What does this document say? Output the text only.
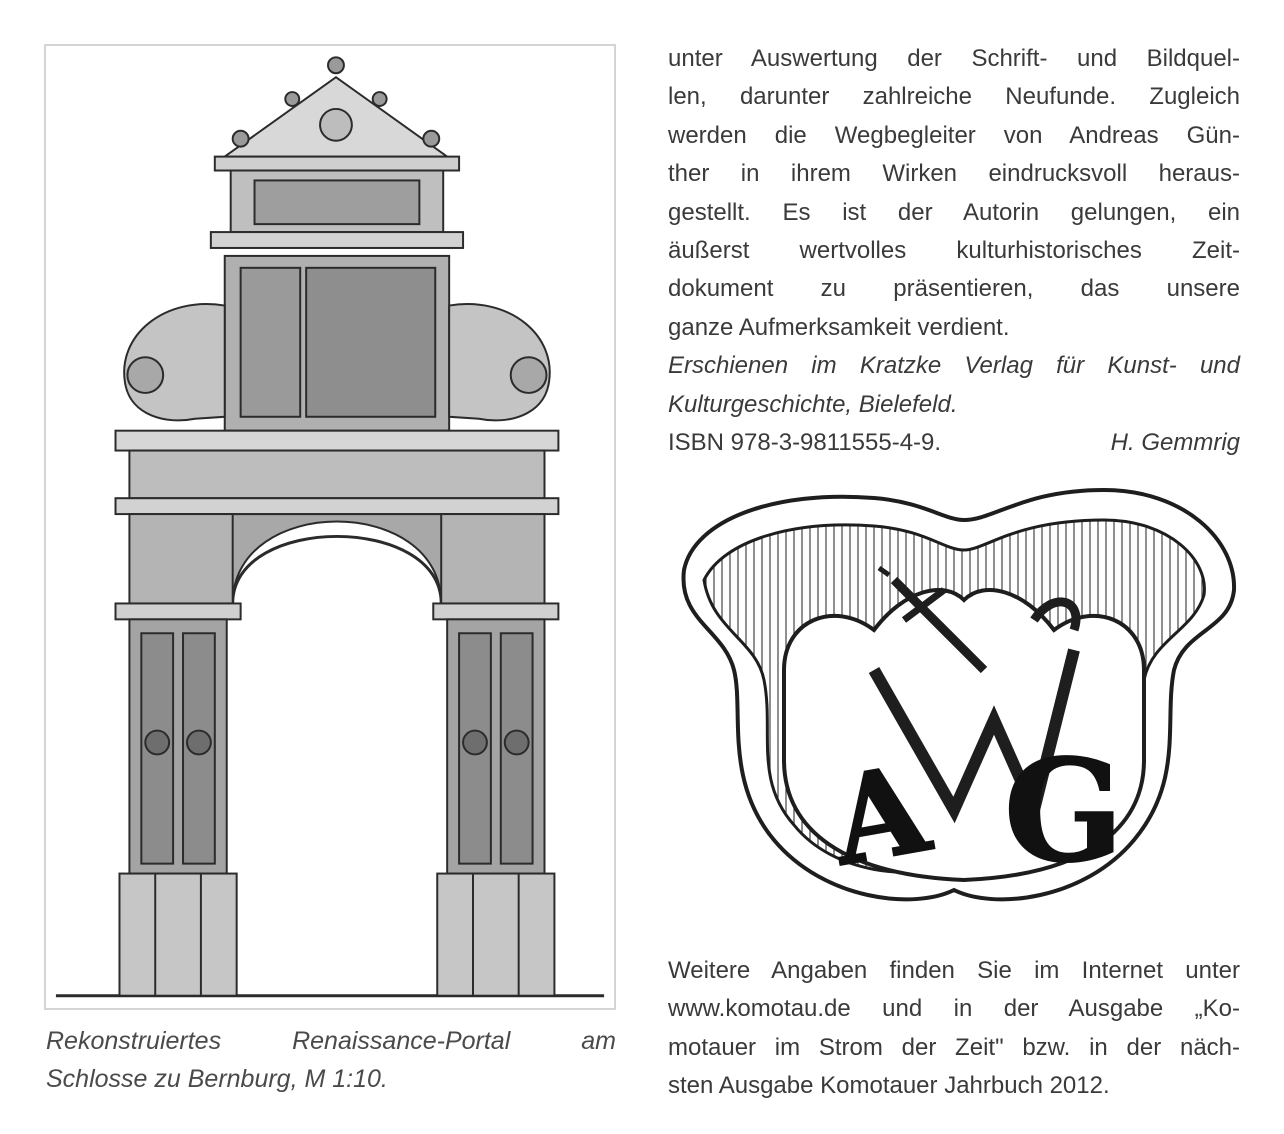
Rekonstruiertes Renaissance-Portal am
Schlosse zu Bernburg, M 1:10.
unter Auswertung der Schrift- und Bildquel-
len, darunter zahlreiche Neufunde. Zugleich
werden die Wegbegleiter von Andreas Gün-
ther in ihrem Wirken eindrucksvoll heraus-
gestellt. Es ist der Autorin gelungen, ein
äußerst wertvolles kulturhistorisches Zeit-
dokument zu präsentieren, das unsere
ganze Aufmerksamkeit verdient.
Erschienen im Kratzke Verlag für Kunst- und
Kulturgeschichte, Bielefeld.
ISBN 978-3-9811555-4-9.	H. Gemmrig
A G
Weitere Angaben finden Sie im Internet unter
www.komotau.de und in der Ausgabe „Ko-
motauer im Strom der Zeit" bzw. in der näch-
sten Ausgabe Komotauer Jahrbuch 2012.
